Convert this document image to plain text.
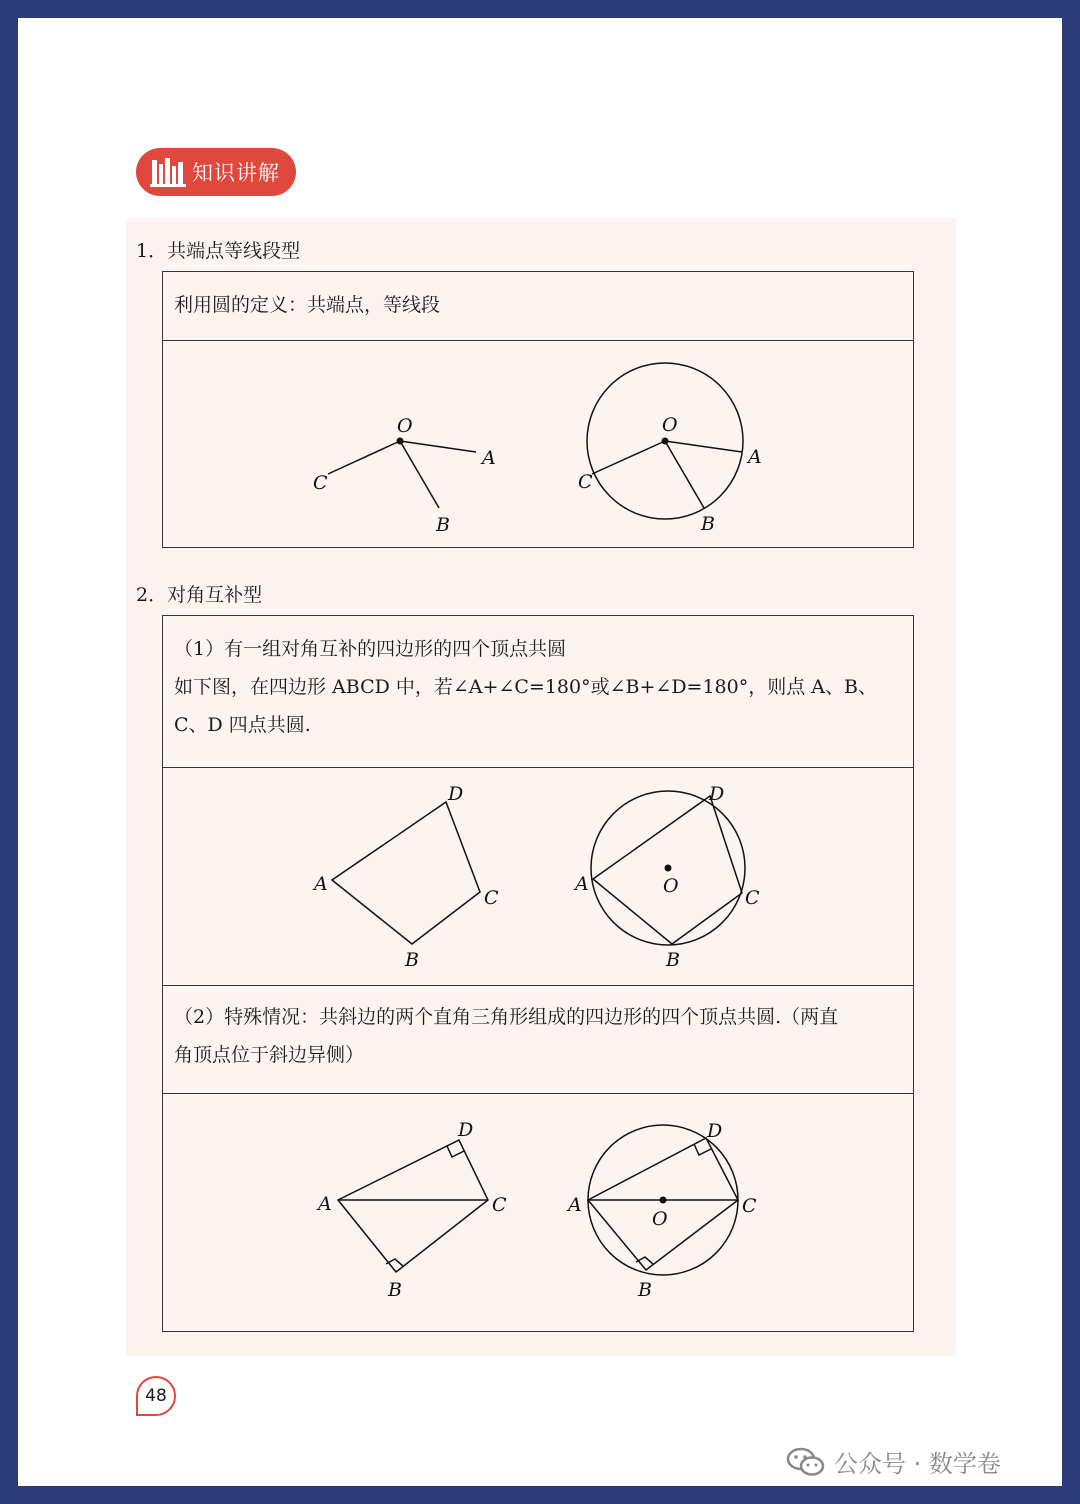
知识讲解
1．共端点等线段型
利用圆的定义：共端点，等线段
O
A
B
C
O
A
B
C
2．对角互补型
（1）有一组对角互补的四边形的四个顶点共圆
如下图，在四边形 ABCD 中，若∠A+∠C=180°或∠B+∠D=180°，则点 A、B、
C、D 四点共圆.
A
B
C
D
A
B
C
D
O
（2）特殊情况：共斜边的两个直角三角形组成的四边形的四个顶点共圆.（两直
角顶点位于斜边异侧）
A
B
C
D
A
B
C
D
O
48
公众号 · 数学卷
